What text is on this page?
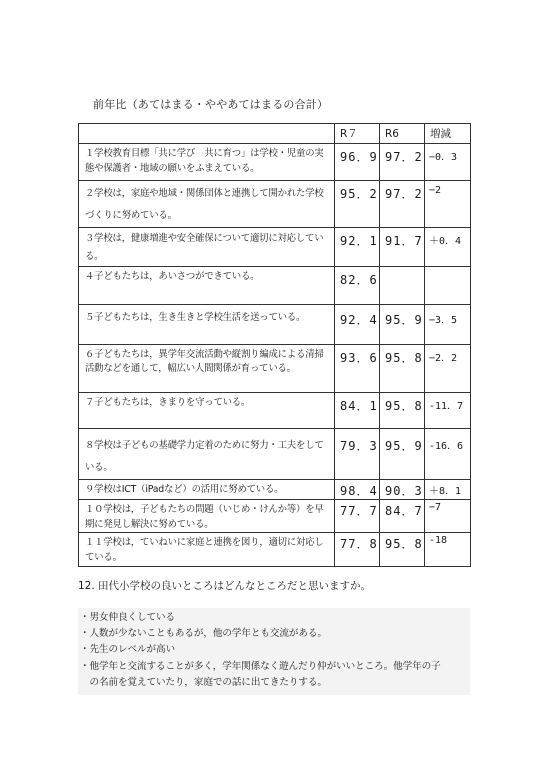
前年比（あてはまる・ややあてはまるの合計）
	R７	R6	増減
１学校教育目標「共に学び　共に育つ」は学校・児童の実態や保護者・地域の願いをふまえている。	96．9	97．2	−0．3
２学校は，家庭や地域・関係団体と連携して開かれた学校づくりに努めている。	95．2	97．2	−2
３学校は，健康増進や安全確保について適切に対応している。	92．1	91．7	＋0．4
４子どもたちは，あいさつができている。	82．6		
５子どもたちは，生き生きと学校生活を送っている。	92．4	95．9	−3．5
６子どもたちは，異学年交流活動や縦割り編成による清掃活動などを通して，幅広い人間関係が育っている。	93．6	95．8	−2．2
７子どもたちは，きまりを守っている。	84．1	95．8	-11．7
８学校は子どもの基礎学力定着のために努力・工夫をしている。	79．3	95．9	-16．6
９学校はICT（iPadなど）の活用に努めている。	98．4	90．3	＋8．1
１０学校は，子どもたちの問題（いじめ・けんか等）を早期に発見し解決に努めている。	77．7	84．7	−7
１１学校は，ていねいに家庭と連携を図り，適切に対応している。	77．8	95．8	-18
12. 田代小学校の良いところはどんなところだと思いますか。
・男女仲良くしている
・人数が少ないこともあるが，他の学年とも交流がある。
・先生のレベルが高い
・他学年と交流することが多く，学年関係なく遊んだり仲がいいところ。他学年の子
　の名前を覚えていたり，家庭での話に出てきたりする。
